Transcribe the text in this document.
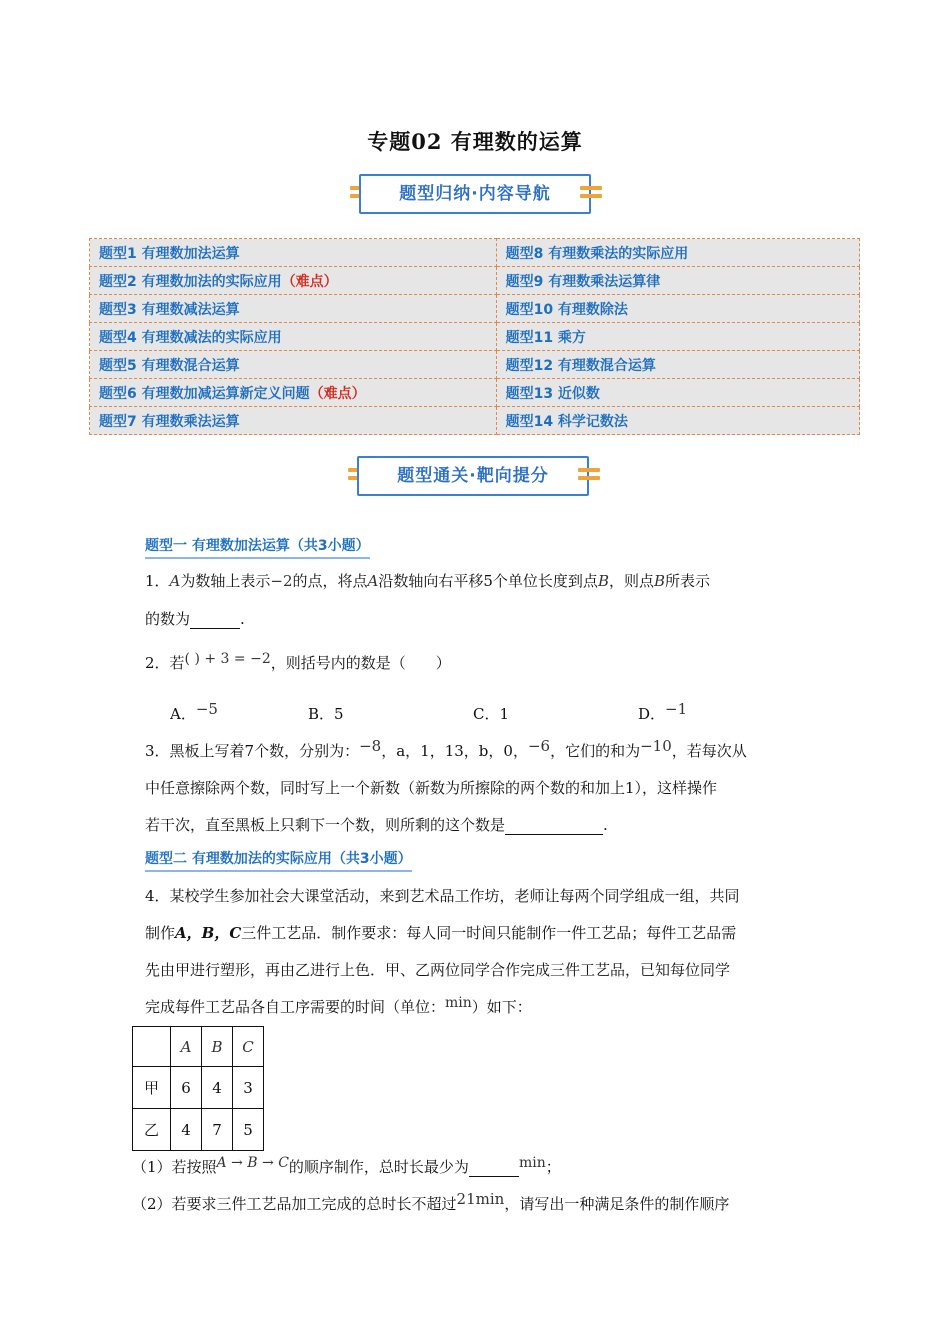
专题02 有理数的运算
题型归纳·内容导航
题型1 有理数加法运算	题型8 有理数乘法的实际应用
题型2 有理数加法的实际应用（难点）	题型9 有理数乘法运算律
题型3 有理数减法运算	题型10 有理数除法
题型4 有理数减法的实际应用	题型11 乘方
题型5 有理数混合运算	题型12 有理数混合运算
题型6 有理数加减运算新定义问题（难点）	题型13 近似数
题型7 有理数乘法运算	题型14 科学记数法
题型通关·靶向提分
题型一 有理数加法运算（共3小题）
1．A为数轴上表示−2的点，将点A沿数轴向右平移5个单位长度到点B，则点B所表示
的数为	.
2．若( ) + 3 = −2，则括号内的数是（　　）
A．−5	B．5	C．1	D．−1
3．黑板上写着7个数，分别为：−8，a，1，13，b，0，−6，它们的和为−10，若每次从
中任意擦除两个数，同时写上一个新数（新数为所擦除的两个数的和加上1），这样操作
若干次，直至黑板上只剩下一个数，则所剩的这个数是	.
题型二 有理数加法的实际应用（共3小题）
4．某校学生参加社会大课堂活动，来到艺术品工作坊，老师让每两个同学组成一组，共同
制作A，B，C三件工艺品．制作要求：每人同一时间只能制作一件工艺品；每件工艺品需
先由甲进行塑形，再由乙进行上色．甲、乙两位同学合作完成三件工艺品，已知每位同学
完成每件工艺品各自工序需要的时间（单位：min）如下：
	A	B	C
甲	6	4	3
乙	4	7	5
（1）若按照A → B → C的顺序制作，总时长最少为	min；
（2）若要求三件工艺品加工完成的总时长不超过21min，请写出一种满足条件的制作顺序
